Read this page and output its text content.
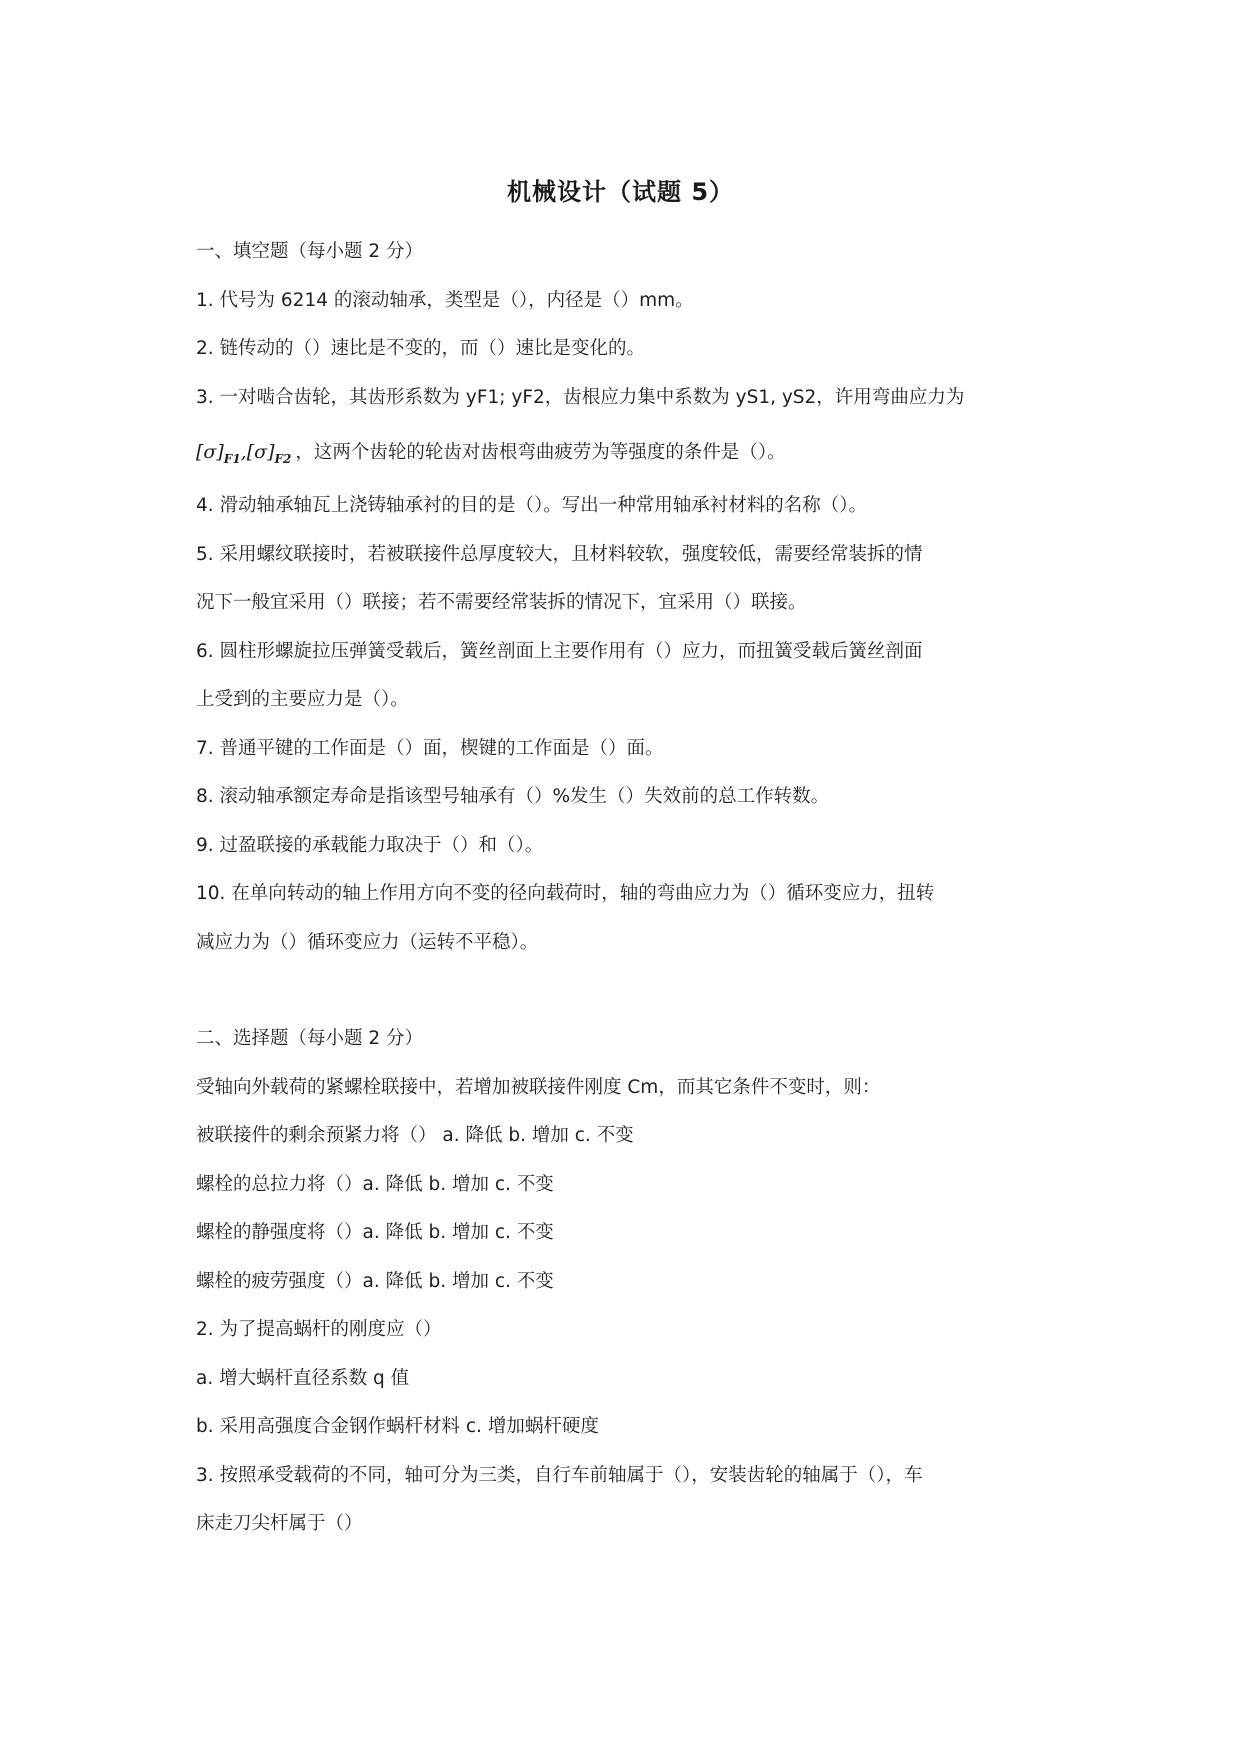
机械设计（试题 5）
一、填空题（每小题 2 分）
1. 代号为 6214 的滚动轴承，类型是（），内径是（）mm。
2. 链传动的（）速比是不变的，而（）速比是变化的。
3. 一对啮合齿轮，其齿形系数为 yF1; yF2，齿根应力集中系数为 yS1, yS2，许用弯曲应力为
$[\sigma]_{F1},[\sigma]_{F2}$ ，这两个齿轮的轮齿对齿根弯曲疲劳为等强度的条件是（）。
4. 滑动轴承轴瓦上浇铸轴承衬的目的是（）。写出一种常用轴承衬材料的名称（）。
5. 采用螺纹联接时，若被联接件总厚度较大，且材料较软，强度较低，需要经常装拆的情
况下一般宜采用（）联接；若不需要经常装拆的情况下，宜采用（）联接。
6. 圆柱形螺旋拉压弹簧受载后，簧丝剖面上主要作用有（）应力，而扭簧受载后簧丝剖面
上受到的主要应力是（）。
7. 普通平键的工作面是（）面，楔键的工作面是（）面。
8. 滚动轴承额定寿命是指该型号轴承有（）%发生（）失效前的总工作转数。
9. 过盈联接的承载能力取决于（）和（）。
10. 在单向转动的轴上作用方向不变的径向载荷时，轴的弯曲应力为（）循环变应力，扭转
减应力为（）循环变应力（运转不平稳）。
二、选择题（每小题 2 分）
受轴向外载荷的紧螺栓联接中，若增加被联接件刚度 Cm，而其它条件不变时，则：
被联接件的剩余预紧力将（） a. 降低 b. 增加 c. 不变
螺栓的总拉力将（）a. 降低 b. 增加 c. 不变
螺栓的静强度将（）a. 降低 b. 增加 c. 不变
螺栓的疲劳强度（）a. 降低 b. 增加 c. 不变
2. 为了提高蜗杆的刚度应（）
a. 增大蜗杆直径系数 q 值
b. 采用高强度合金钢作蜗杆材料 c. 增加蜗杆硬度
3. 按照承受载荷的不同，轴可分为三类，自行车前轴属于（），安装齿轮的轴属于（），车
床走刀尖杆属于（）
